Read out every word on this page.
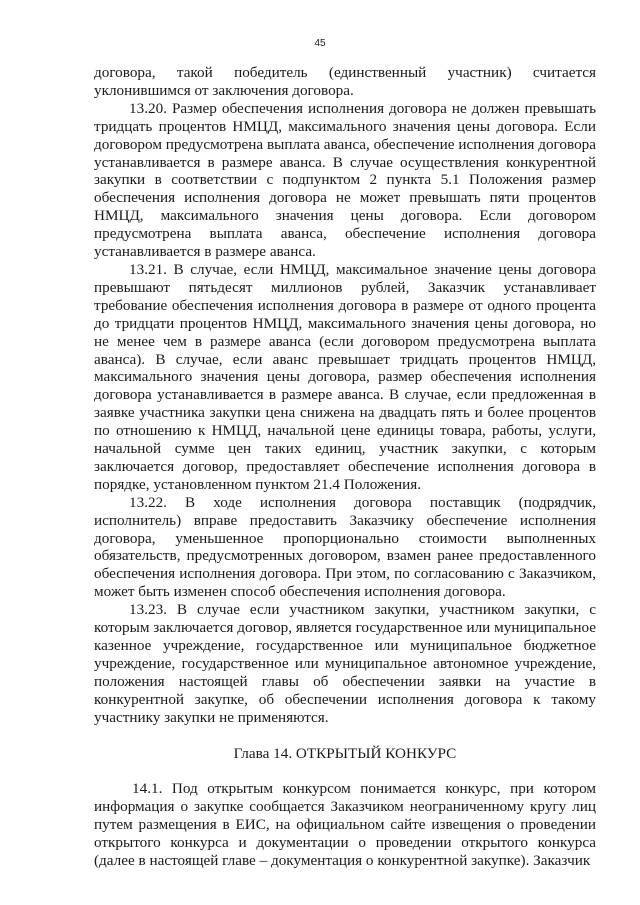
45

договора, такой победитель (единственный участник) считается уклонившимся от заключения договора.

13.20. Размер обеспечения исполнения договора не должен превышать тридцать процентов НМЦД, максимального значения цены договора. Если договором предусмотрена выплата аванса, обеспечение исполнения договора устанавливается в размере аванса. В случае осуществления конкурентной закупки в соответствии с подпунктом 2 пункта 5.1 Положения размер обеспечения исполнения договора не может превышать пяти процентов НМЦД, максимального значения цены договора. Если договором предусмотрена выплата аванса, обеспечение исполнения договора устанавливается в размере аванса.

13.21. В случае, если НМЦД, максимальное значение цены договора превышают пятьдесят миллионов рублей, Заказчик устанавливает требование обеспечения исполнения договора в размере от одного процента до тридцати процентов НМЦД, максимального значения цены договора, но не менее чем в размере аванса (если договором предусмотрена выплата аванса). В случае, если аванс превышает тридцать процентов НМЦД, максимального значения цены договора, размер обеспечения исполнения договора устанавливается в размере аванса. В случае, если предложенная в заявке участника закупки цена снижена на двадцать пять и более процентов по отношению к НМЦД, начальной цене единицы товара, работы, услуги, начальной сумме цен таких единиц, участник закупки, с которым заключается договор, предоставляет обеспечение исполнения договора в порядке, установленном пунктом 21.4 Положения.

13.22. В ходе исполнения договора поставщик (подрядчик, исполнитель) вправе предоставить Заказчику обеспечение исполнения договора, уменьшенное пропорционально стоимости выполненных обязательств, предусмотренных договором, взамен ранее предоставленного обеспечения исполнения договора. При этом, по согласованию с Заказчиком, может быть изменен способ обеспечения исполнения договора.

13.23. В случае если участником закупки, участником закупки, с которым заключается договор, является государственное или муниципальное казенное учреждение, государственное или муниципальное бюджетное учреждение, государственное или муниципальное автономное учреждение, положения настоящей главы об обеспечении заявки на участие в конкурентной закупке, об обеспечении исполнения договора к такому участнику закупки не применяются.

Глава 14. ОТКРЫТЫЙ КОНКУРС

14.1. Под открытым конкурсом понимается конкурс, при котором информация о закупке сообщается Заказчиком неограниченному кругу лиц путем размещения в ЕИС, на официальном сайте извещения о проведении открытого конкурса и документации о проведении открытого конкурса (далее в настоящей главе – документация о конкурентной закупке). Заказчик
